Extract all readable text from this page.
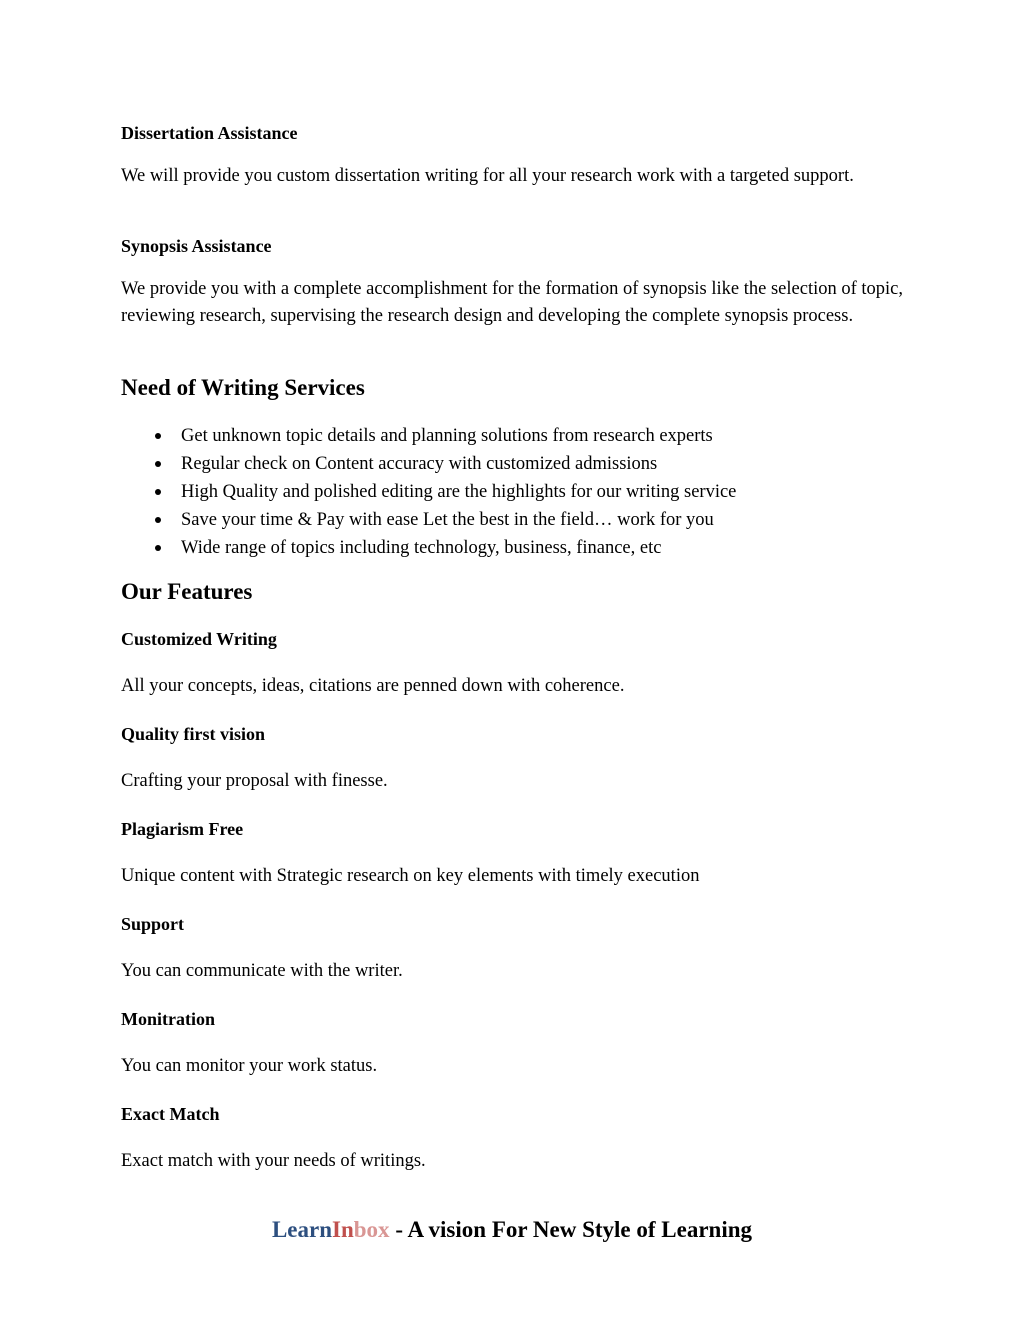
Dissertation Assistance

We will provide you custom dissertation writing for all your research work with a targeted support.

Synopsis Assistance

We provide you with a complete accomplishment for the formation of synopsis like the selection of topic, reviewing research, supervising the research design and developing the complete synopsis process.

Need of Writing Services
Get unknown topic details and planning solutions from research experts
Regular check on Content accuracy with customized admissions
High Quality and polished editing are the highlights for our writing service
Save your time & Pay with ease Let the best in the field… work for you
Wide range of topics including technology, business, finance, etc
Our Features
Customized Writing

All your concepts, ideas, citations are penned down with coherence.

Quality first vision

Crafting your proposal with finesse.

Plagiarism Free

Unique content with Strategic research on key elements with timely execution

Support

You can communicate with the writer.

Monitration

You can monitor your work status.

Exact Match

Exact match with your needs of writings.

LearnInbox - A vision For New Style of Learning
